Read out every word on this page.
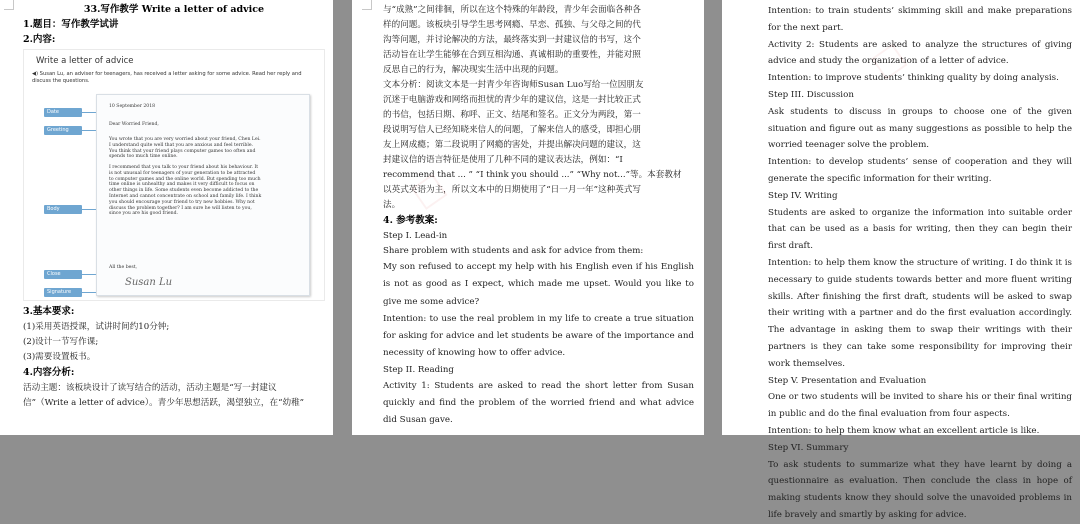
33.写作教学 Write a letter of advice
1.题目：写作教学试讲
2.内容:
Write a letter of advice
◀) Susan Lu, an adviser for teenagers, has received a letter asking for some advice. Read her reply and discuss the questions.
Date
Greeting
Body
Close
Signature
10 September 2018
Dear Worried Friend,
You wrote that you are very worried about your friend, Chen Lei.
I understand quite well that you are anxious and feel terrible.
You think that your friend plays computer games too often and
spends too much time online.
I recommend that you talk to your friend about his behaviour. It
is not unusual for teenagers of your generation to be attracted
to computer games and the online world. But spending too much
time online is unhealthy and makes it very difficult to focus on
other things in life. Some students even become addicted to the
Internet and cannot concentrate on school and family life. I think
you should encourage your friend to try new hobbies. Why not
discuss the problem together? I am sure he will listen to you,
since you are his good friend.
All the best,
Susan Lu
3.基本要求:
(1)采用英语授课，试讲时间约10分钟;
(2)设计一节写作课;
(3)需要设置板书。
4.内容分析:
活动主题：该板块设计了读写结合的活动，活动主题是“写一封建议
信”（Write a letter of advice）。青少年思想活跃，渴望独立，在“幼稚”
□
与“成熟”之间徘徊，所以在这个特殊的年龄段，青少年会面临各种各
样的问题。该板块引导学生思考网瘾、早恋、孤独、与父母之间的代
沟等问题，并讨论解决的方法，最终落实到一封建议信的书写，这个
活动旨在让学生能够在合到互相沟通、真诚相助的重要性，并能对照
反思自己的行为，解决现实生活中出现的问题。
文本分析：阅读文本是一封青少年咨询师Susan Luo写给一位因朋友
沉迷于电脑游戏和网络而担忧的青少年的建议信，这是一封比较正式
的书信，包括日期、称呼、正文、结尾和签名。正文分为两段，第一
段说明写信人已经知晓来信人的问题，了解来信人的感受，即担心朋
友上网成瘾；第二段说明了网瘾的害处，并提出解决问题的建议，这
封建议信的语言特征是使用了几种不同的建议表达法，例如：“I
recommend that ... ” “I think you should ...” “Why not...”等。本套教材
以英式英语为主，所以文本中的日期使用了“日一月一年”这种英式写
法。
4. 参考教案:
Step I. Lead-in
Share problem with students and ask for advice from them:

My son refused to accept my help with his English even if his English is not as good as I expect, which made me upset. Would you like to give me some advice?

Intention: to use the real problem in my life to create a true situation for asking for advice and let students be aware of the importance and necessity of knowing how to offer advice.

Step II. Reading

Activity 1: Students are asked to read the short letter from Susan quickly and find the problem of the worried friend and what advice did Susan gave.

□

Intention: to train students’ skimming skill and make preparations for the next part.

Activity 2: Students are asked to analyze the structures of giving advice and study the organization of a letter of advice.

Intention: to improve students’ thinking quality by doing analysis.

Step III. Discussion

Ask students to discuss in groups to choose one of the given situation and figure out as many suggestions as possible to help the worried teenager solve the problem.

Intention: to develop students’ sense of cooperation and they will generate the specific information for their writing.

Step IV. Writing

Students are asked to organize the information into suitable order that can be used as a basis for writing, then they can begin their first draft.

Intention: to help them know the structure of writing. I do think it is necessary to guide students towards better and more fluent writing skills. After finishing the first draft, students will be asked to swap their writing with a partner and do the first evaluation accordingly. The advantage in asking them to swap their writings with their partners is they can take some responsibility for improving their work themselves.

Step V. Presentation and Evaluation

One or two students will be invited to share his or their final writing in public and do the final evaluation from four aspects.

Intention: to help them know what an excellent article is like.

Step VI. Summary

To ask students to summarize what they have learnt by doing a questionnaire as evaluation. Then conclude the class in hope of making students know they should solve the unavoided problems in life bravely and smartly by asking for advice.
